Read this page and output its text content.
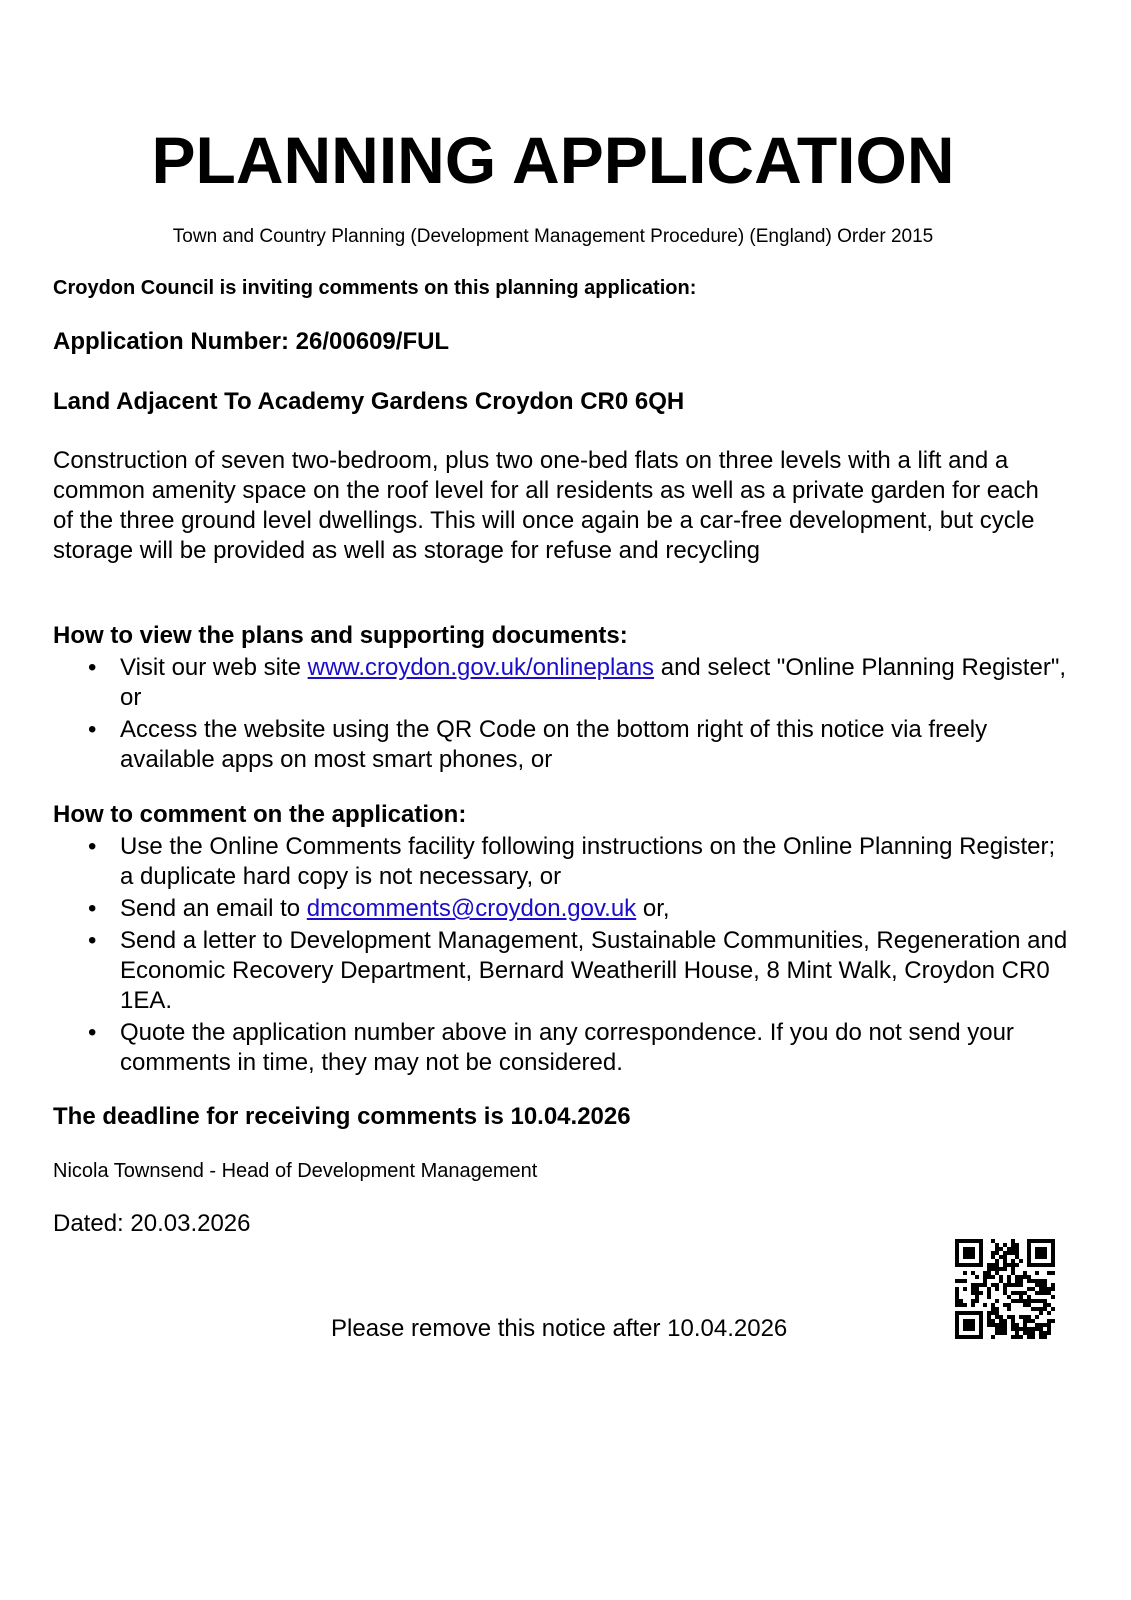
PLANNING APPLICATION
Town and Country Planning (Development Management Procedure) (England) Order 2015
Croydon Council is inviting comments on this planning application:
Application Number: 26/00609/FUL
Land Adjacent To Academy Gardens Croydon CR0 6QH
Construction of seven two-bedroom, plus two one-bed flats on three levels with a lift and a common amenity space on the roof level for all residents as well as a private garden for each of the three ground level dwellings. This will once again be a car-free development, but cycle storage will be provided as well as storage for refuse and recycling
How to view the plans and supporting documents:
• Visit our web site www.croydon.gov.uk/onlineplans and select "Online Planning Register", or
• Access the website using the QR Code on the bottom right of this notice via freely available apps on most smart phones, or
How to comment on the application:
• Use the Online Comments facility following instructions on the Online Planning Register; a duplicate hard copy is not necessary, or
• Send an email to dmcomments@croydon.gov.uk or,
• Send a letter to Development Management, Sustainable Communities, Regeneration and Economic Recovery Department, Bernard Weatherill House, 8 Mint Walk, Croydon CR0 1EA.
• Quote the application number above in any correspondence. If you do not send your comments in time, they may not be considered.
The deadline for receiving comments is 10.04.2026
Nicola Townsend - Head of Development Management
Dated: 20.03.2026
Please remove this notice after 10.04.2026
